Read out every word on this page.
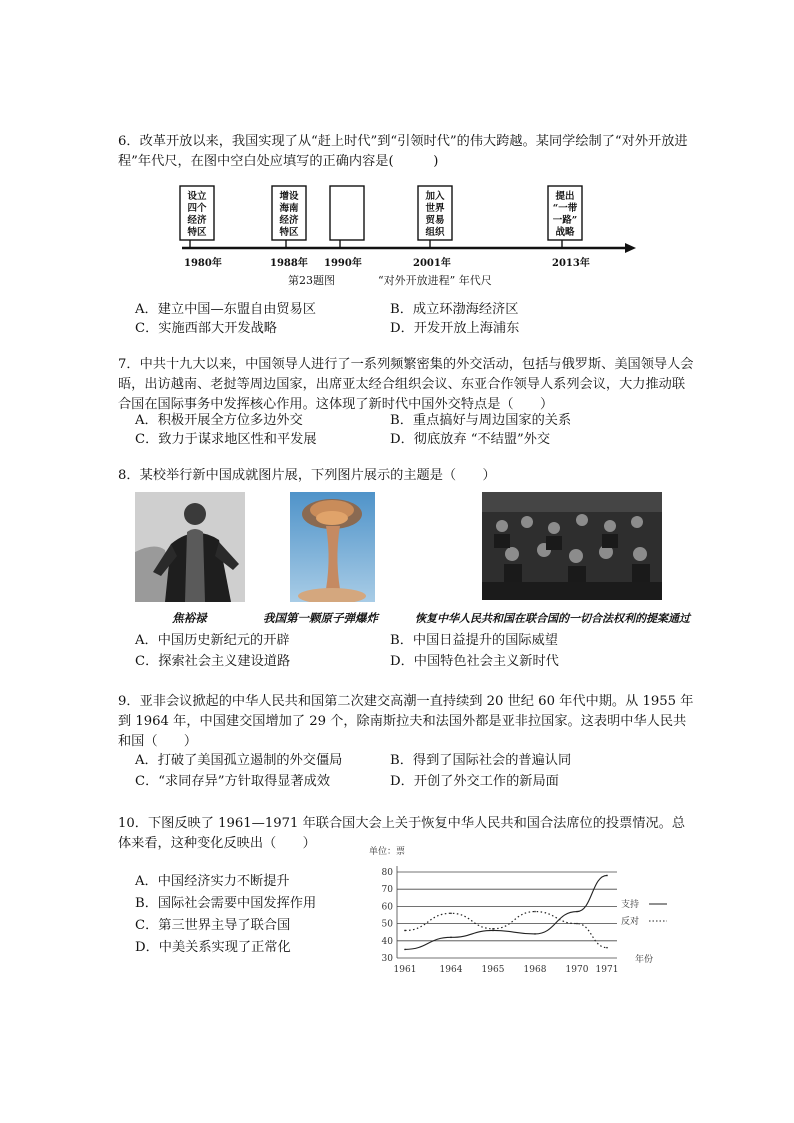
6．改革开放以来，我国实现了从“赶上时代”到“引领时代”的伟大跨越。某同学绘制了“对外开放进程”年代尺，在图中空白处应填写的正确内容是(　　　)
设立
四个
经济
特区
增设
海南
经济
特区
加入
世界
贸易
组织
提出
“一带
一路”
战略
1980年	1988年 1990年	2001年	2013年
第23题图	“对外开放进程” 年代尺
A．建立中国—东盟自由贸易区	B．成立环渤海经济区
C．实施西部大开发战略	D．开发开放上海浦东
7．中共十九大以来，中国领导人进行了一系列频繁密集的外交活动，包括与俄罗斯、美国领导人会晤，出访越南、老挝等周边国家，出席亚太经合组织会议、东亚合作领导人系列会议，大力推动联合国在国际事务中发挥核心作用。这体现了新时代中国外交特点是（　　）
A．积极开展全方位多边外交	B．重点搞好与周边国家的关系
C．致力于谋求地区性和平发展	D．彻底放弃 “不结盟”外交
8．某校举行新中国成就图片展，下列图片展示的主题是（　　）
焦裕禄	我国第一颗原子弹爆炸	恢复中华人民共和国在联合国的一切合法权利的提案通过
A．中国历史新纪元的开辟	B．中国日益提升的国际威望
C．探索社会主义建设道路	D．中国特色社会主义新时代
9．亚非会议掀起的中华人民共和国第二次建交高潮一直持续到 20 世纪 60 年代中期。从 1955 年到 1964 年，中国建交国增加了 29 个，除南斯拉夫和法国外都是亚非拉国家。这表明中华人民共和国（　　）
A．打破了美国孤立遏制的外交僵局	B．得到了国际社会的普遍认同
C．“求同存异”方针取得显著成效	D．开创了外交工作的新局面
10．下图反映了 1961—1971 年联合国大会上关于恢复中华人民共和国合法席位的投票情况。总体来看，这种变化反映出（　　）
A．中国经济实力不断提升
B．国际社会需要中国发挥作用
C．第三世界主导了联合国
D．中美关系实现了正常化
单位：票
年份
30
40
50
60
70
80
1961	1964 1965 1968 1970 1971
支持
反对
